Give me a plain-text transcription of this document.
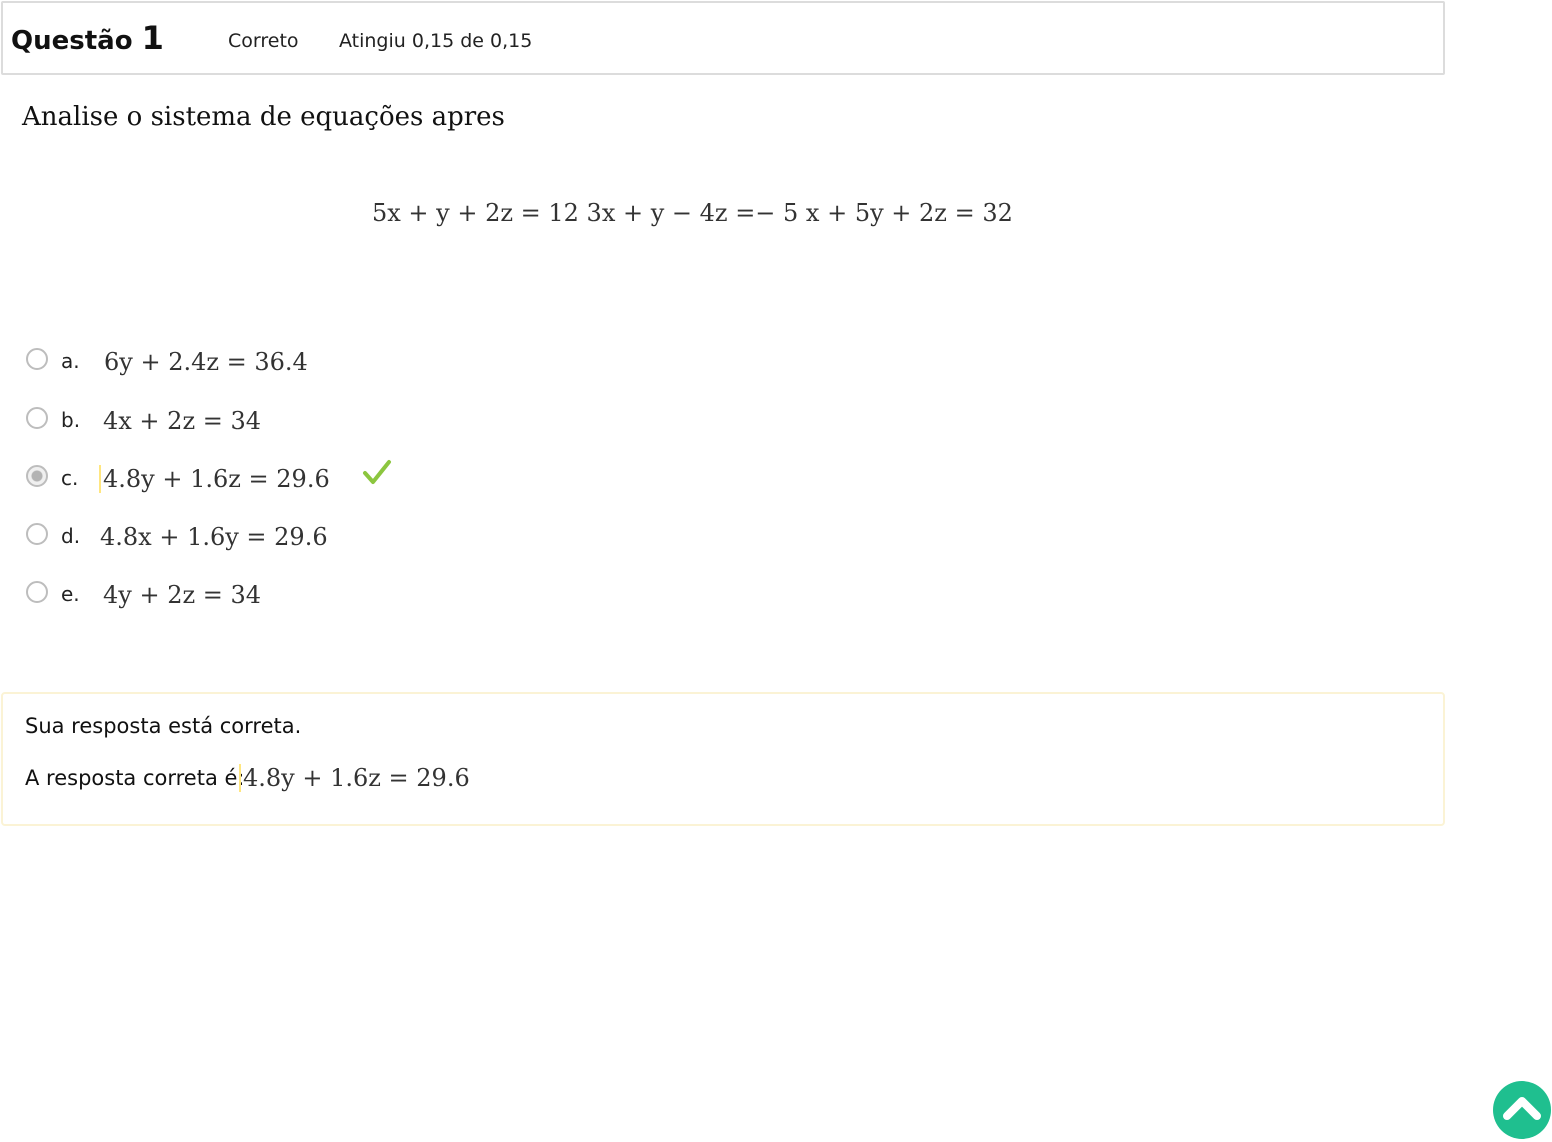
Questão 1	Correto Atingiu 0,15 de 0,15
Analise o sistema de equações apres
5x + y + 2z = 12 3x + y − 4z =− 5 x + 5y + 2z = 32
a. 6y + 2.4z = 36.4
b. 4x + 2z = 34
c. 4.8y + 1.6z = 29.6
d. 4.8x + 1.6y = 29.6
e. 4y + 2z = 34
Sua resposta está correta.
A resposta correta é:
4.8y + 1.6z = 29.6
